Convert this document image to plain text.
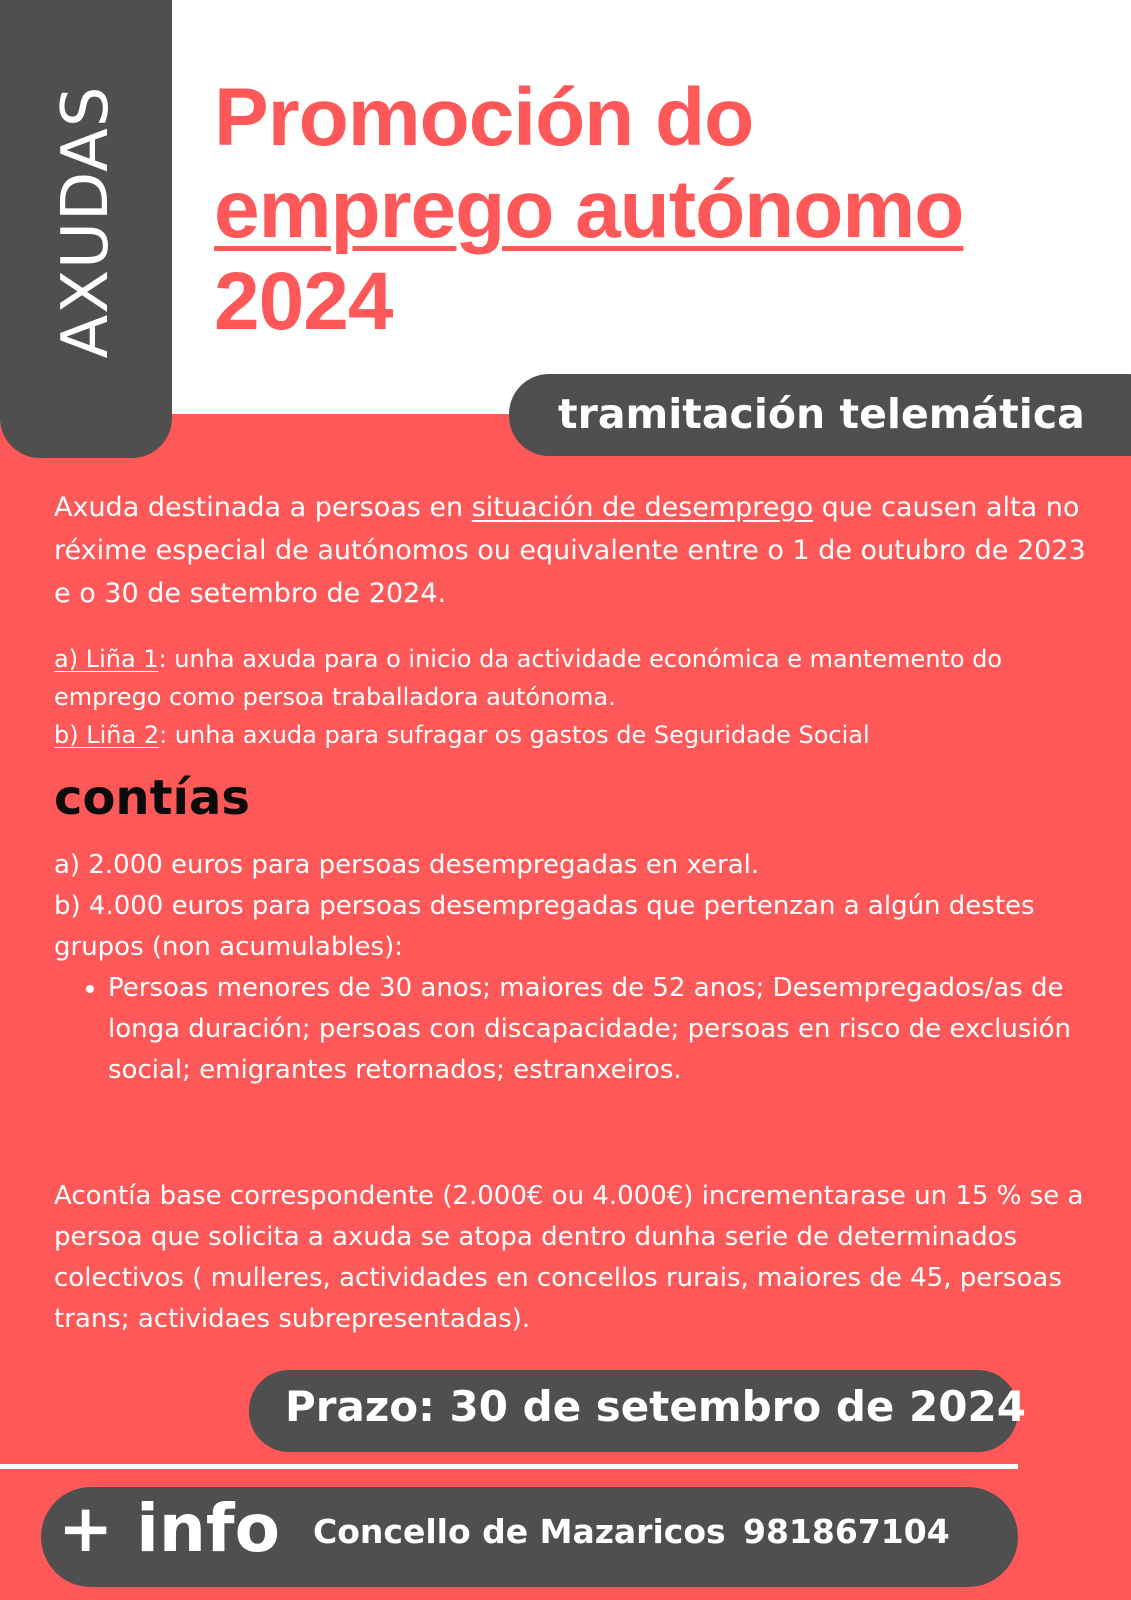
AXUDAS Promoción do
emprego autónomo
2024
tramitación telemática

Axuda destinada a persoas en situación de desemprego que causen alta no réxime especial de autónomos ou equivalente entre o 1 de outubro de 2023 e o 30 de setembro de 2024.

a) Liña 1: unha axuda para o inicio da actividade económica e mantemento do emprego como persoa traballadora autónoma.
b) Liña 2: unha axuda para sufragar os gastos de Seguridade Social
contías

a) 2.000 euros para persoas desempregadas en xeral.

b) 4.000 euros para persoas desempregadas que pertenzan a algún destes grupos (non acumulables):

• Persoas menores de 30 anos; maiores de 52 anos; Desempregados/as de longa duración; persoas con discapacidade; persoas en risco de exclusión social; emigrantes retornados; estranxeiros.

Acontía base correspondente (2.000€ ou 4.000€) incrementarase un 15 % se a persoa que solicita a axuda se atopa dentro dunha serie de determinados colectivos ( mulleres, actividades en concellos rurais, maiores de 45, persoas trans; actividaes subrepresentadas).

Prazo: 30 de setembro de 2024
+ info Concello de Mazaricos 981867104
